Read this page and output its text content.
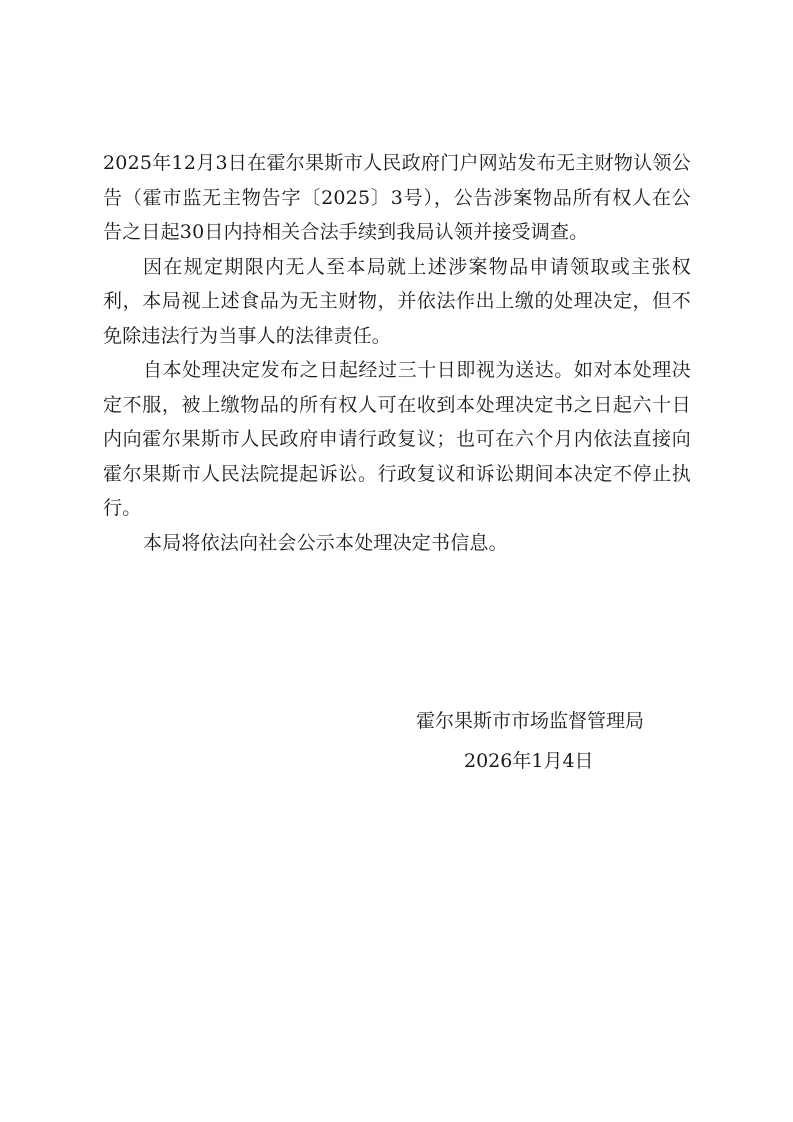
2025年12月3日在霍尔果斯市人民政府门户网站发布无主财物认领公告（霍市监无主物告字〔2025〕3号），公告涉案物品所有权人在公告之日起30日内持相关合法手续到我局认领并接受调查。

因在规定期限内无人至本局就上述涉案物品申请领取或主张权利，本局视上述食品为无主财物，并依法作出上缴的处理决定，但不免除违法行为当事人的法律责任。

自本处理决定发布之日起经过三十日即视为送达。如对本处理决定不服，被上缴物品的所有权人可在收到本处理决定书之日起六十日内向霍尔果斯市人民政府申请行政复议；也可在六个月内依法直接向霍尔果斯市人民法院提起诉讼。行政复议和诉讼期间本决定不停止执行。

本局将依法向社会公示本处理决定书信息。

霍尔果斯市市场监督管理局
2026年1月4日
